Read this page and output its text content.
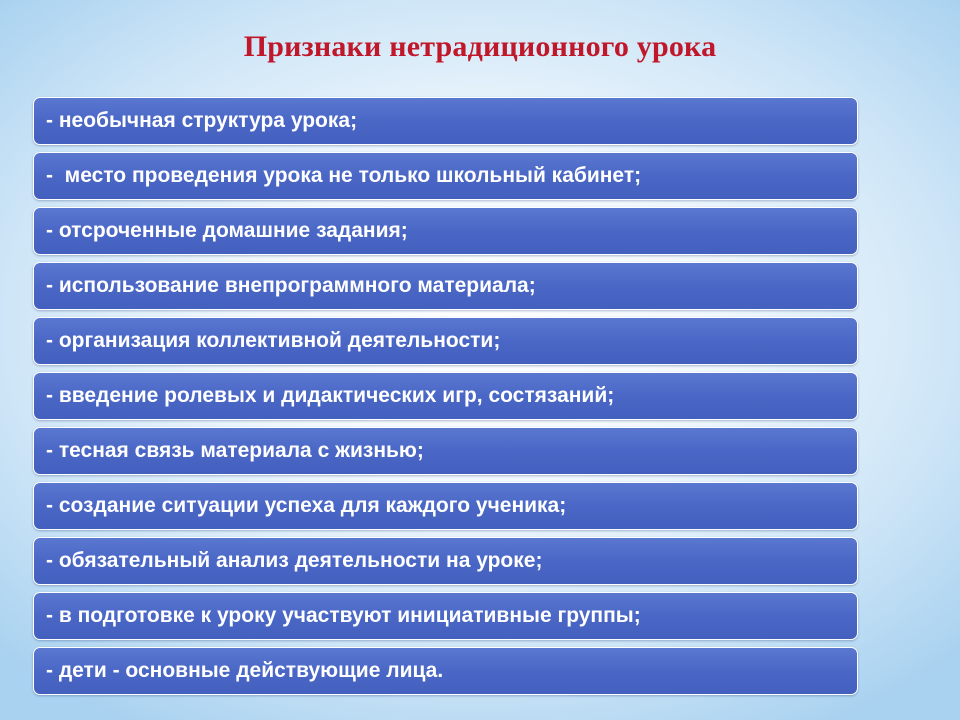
Признаки нетрадиционного урока
- необычная структура урока;
-  место проведения урока не только школьный кабинет;
- отсроченные домашние задания;
- использование внепрограммного материала;
- организация коллективной деятельности;
- введение ролевых и дидактических игр, состязаний;
- тесная связь материала с жизнью;
- создание ситуации успеха для каждого ученика;
- обязательный анализ деятельности на уроке;
- в подготовке к уроку участвуют инициативные группы;
- дети - основные действующие лица.
